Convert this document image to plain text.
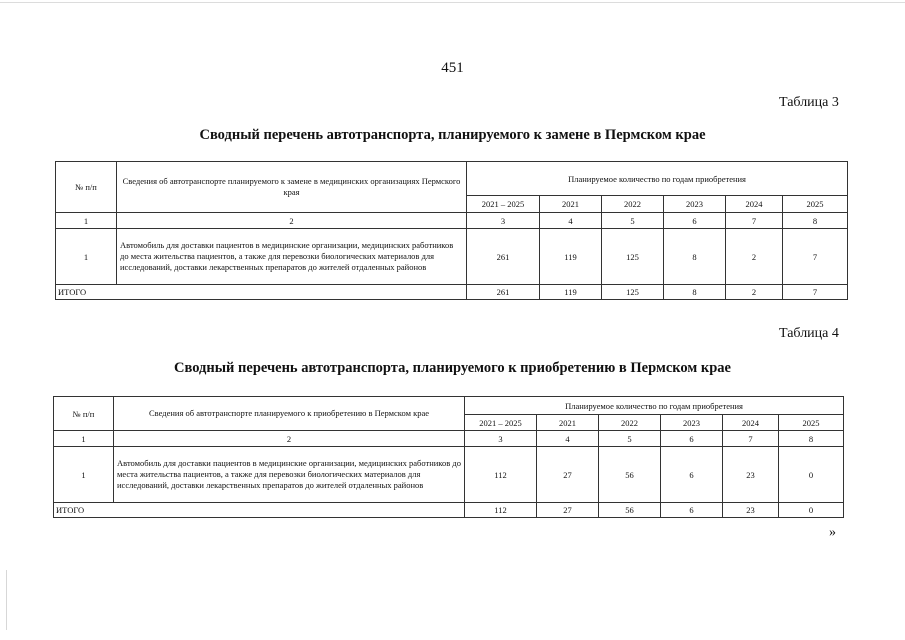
451
Таблица 3
Сводный перечень автотранспорта, планируемого к замене в Пермском крае
№ п/п	Сведения об автотранспорте планируемого к замене в медицинских организациях Пермского края	Планируемое количество по годам приобретения					
		2021 – 2025	2021	2022	2023	2024	2025
1	2	3	4	5	6	7	8
1	Автомобиль для доставки пациентов в медицинские организации, медицинских работников до места жительства пациентов, а также для перевозки биологических материалов для исследований, доставки лекарственных препаратов до жителей отдаленных районов	261	119	125	8	2	7
ИТОГО		261	119	125	8	2	7
Таблица 4
Сводный перечень автотранспорта, планируемого к приобретению в Пермском крае
№ п/п	Сведения об автотранспорте планируемого к приобретению в Пермском крае	Планируемое количество по годам приобретения					
		2021 – 2025	2021	2022	2023	2024	2025
1	2	3	4	5	6	7	8
1	Автомобиль для доставки пациентов в медицинские организации, медицинских работников до места жительства пациентов, а также для перевозки биологических материалов для исследований, доставки лекарственных препаратов до жителей отдаленных районов	112	27	56	6	23	0
ИТОГО		112	27	56	6	23	0
»
